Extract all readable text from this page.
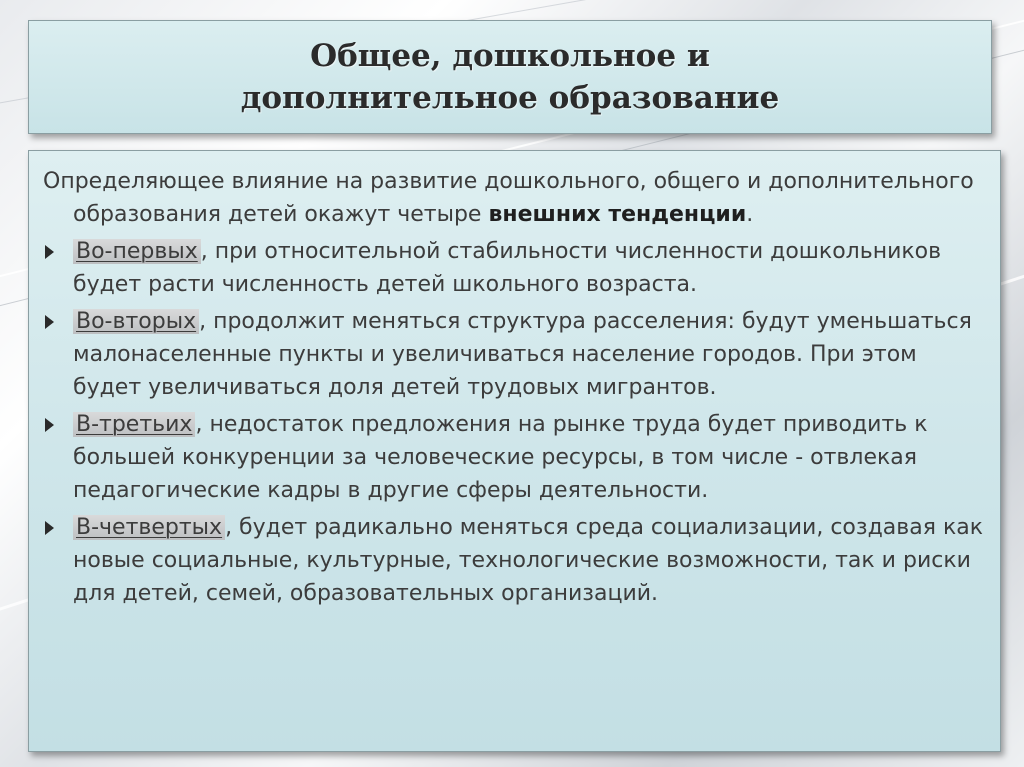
Общее, дошкольное и
дополнительное образование

Определяющее влияние на развитие дошкольного, общего и дополнительного образования детей окажут четыре внешних тенденции.

Во-первых , при относительной стабильности численности дошкольников будет расти численность детей школьного возраста.
Во-вторых , продолжит меняться структура расселения: будут уменьшаться малонаселенные пункты и увеличиваться население городов. При этом будет увеличиваться доля детей трудовых мигрантов.
В-третьих , недостаток предложения на рынке труда будет приводить к большей конкуренции за человеческие ресурсы, в том числе - отвлекая педагогические кадры в другие сферы деятельности.
В-четвертых , будет радикально меняться среда социализации, создавая как новые социальные, культурные, технологические возможности, так и риски для детей, семей, образовательных организаций.
